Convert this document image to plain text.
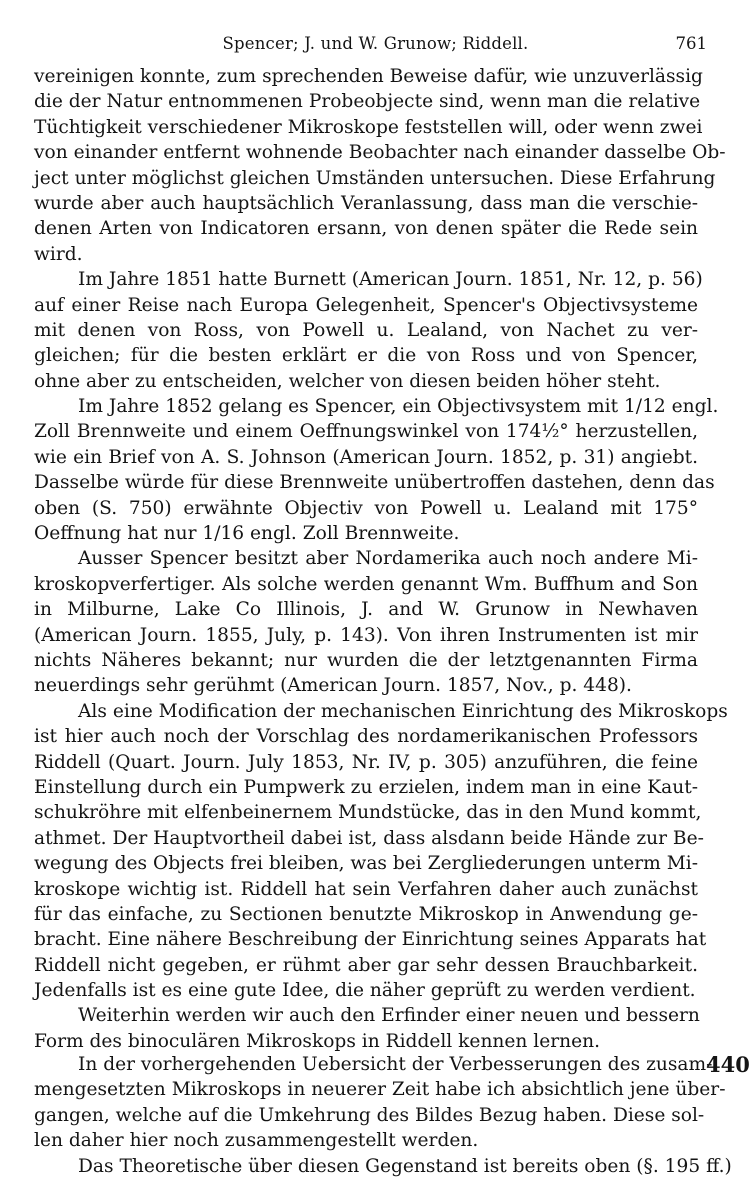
Spencer; J. und W. Grunow; Riddell.	761
vereinigen konnte, zum sprechenden Beweise dafür, wie unzuverlässig
die der Natur entnommenen Probeobjecte sind, wenn man die relative
Tüchtigkeit verschiedener Mikroskope feststellen will, oder wenn zwei
von einander entfernt wohnende Beobachter nach einander dasselbe Ob-
ject unter möglichst gleichen Umständen untersuchen. Diese Erfahrung
wurde aber auch hauptsächlich Veranlassung, dass man die verschie-
denen Arten von Indicatoren ersann, von denen später die Rede sein
wird.
Im Jahre 1851 hatte Burnett (American Journ. 1851, Nr. 12, p. 56)
auf einer Reise nach Europa Gelegenheit, Spencer's Objectivsysteme
mit denen von Ross, von Powell u. Lealand, von Nachet zu ver-
gleichen; für die besten erklärt er die von Ross und von Spencer,
ohne aber zu entscheiden, welcher von diesen beiden höher steht.
Im Jahre 1852 gelang es Spencer, ein Objectivsystem mit 1/12 engl.
Zoll Brennweite und einem Oeffnungswinkel von 174½° herzustellen,
wie ein Brief von A. S. Johnson (American Journ. 1852, p. 31) angiebt.
Dasselbe würde für diese Brennweite unübertroffen dastehen, denn das
oben (S. 750) erwähnte Objectiv von Powell u. Lealand mit 175°
Oeffnung hat nur 1/16 engl. Zoll Brennweite.
Ausser Spencer besitzt aber Nordamerika auch noch andere Mi-
kroskopverfertiger. Als solche werden genannt Wm. Buffhum and Son
in Milburne, Lake Co Illinois, J. and W. Grunow in Newhaven
(American Journ. 1855, July, p. 143). Von ihren Instrumenten ist mir
nichts Näheres bekannt; nur wurden die der letztgenannten Firma
neuerdings sehr gerühmt (American Journ. 1857, Nov., p. 448).
Als eine Modification der mechanischen Einrichtung des Mikroskops
ist hier auch noch der Vorschlag des nordamerikanischen Professors
Riddell (Quart. Journ. July 1853, Nr. IV, p. 305) anzuführen, die feine
Einstellung durch ein Pumpwerk zu erzielen, indem man in eine Kaut-
schukröhre mit elfenbeinernem Mundstücke, das in den Mund kommt,
athmet. Der Hauptvortheil dabei ist, dass alsdann beide Hände zur Be-
wegung des Objects frei bleiben, was bei Zergliederungen unterm Mi-
kroskope wichtig ist. Riddell hat sein Verfahren daher auch zunächst
für das einfache, zu Sectionen benutzte Mikroskop in Anwendung ge-
bracht. Eine nähere Beschreibung der Einrichtung seines Apparats hat
Riddell nicht gegeben, er rühmt aber gar sehr dessen Brauchbarkeit.
Jedenfalls ist es eine gute Idee, die näher geprüft zu werden verdient.
Weiterhin werden wir auch den Erfinder einer neuen und bessern
Form des binoculären Mikroskops in Riddell kennen lernen.
440
In der vorhergehenden Uebersicht der Verbesserungen des zusam-
mengesetzten Mikroskops in neuerer Zeit habe ich absichtlich jene über-
gangen, welche auf die Umkehrung des Bildes Bezug haben. Diese sol-
len daher hier noch zusammengestellt werden.
Das Theoretische über diesen Gegenstand ist bereits oben (§. 195 ff.)
